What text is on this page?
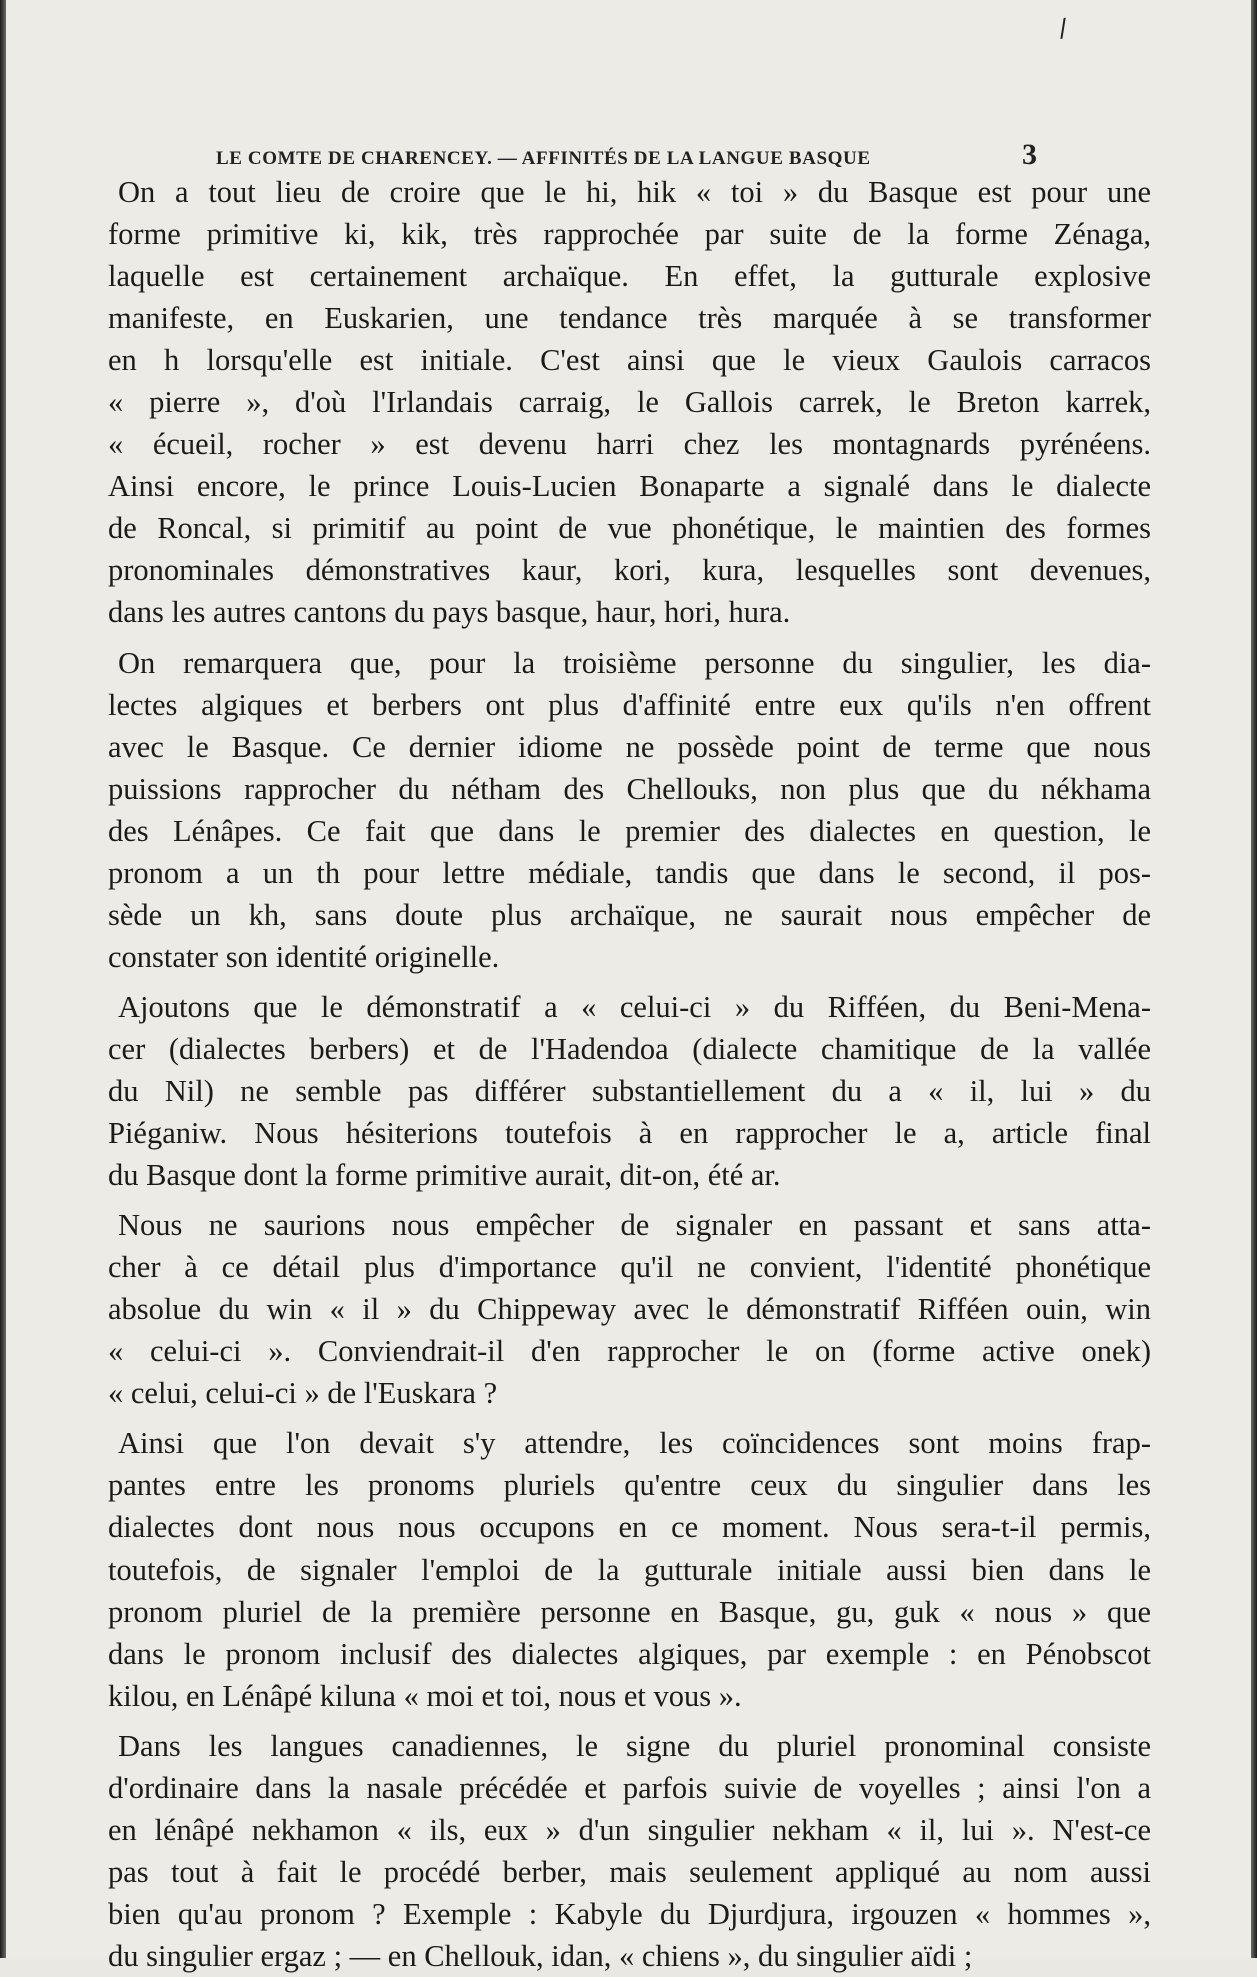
/
LE COMTE DE CHARENCEY. — AFFINITÉS DE LA LANGUE BASQUE	3
On a tout lieu de croire que le hi, hik « toi » du Basque est pour une
forme primitive ki, kik, très rapprochée par suite de la forme Zénaga,
laquelle est certainement archaïque. En effet, la gutturale explosive
manifeste, en Euskarien, une tendance très marquée à se transformer
en h lorsqu'elle est initiale. C'est ainsi que le vieux Gaulois carracos
« pierre », d'où l'Irlandais carraig, le Gallois carrek, le Breton karrek,
« écueil, rocher » est devenu harri chez les montagnards pyrénéens.
Ainsi encore, le prince Louis-Lucien Bonaparte a signalé dans le dialecte
de Roncal, si primitif au point de vue phonétique, le maintien des formes
pronominales démonstratives kaur, kori, kura, lesquelles sont devenues,
dans les autres cantons du pays basque, haur, hori, hura.
On remarquera que, pour la troisième personne du singulier, les dia-
lectes algiques et berbers ont plus d'affinité entre eux qu'ils n'en offrent
avec le Basque. Ce dernier idiome ne possède point de terme que nous
puissions rapprocher du nétham des Chellouks, non plus que du nékhama
des Lénâpes. Ce fait que dans le premier des dialectes en question, le
pronom a un th pour lettre médiale, tandis que dans le second, il pos-
sède un kh, sans doute plus archaïque, ne saurait nous empêcher de
constater son identité originelle.
Ajoutons que le démonstratif a « celui-ci » du Rifféen, du Beni-Mena-
cer (dialectes berbers) et de l'Hadendoa (dialecte chamitique de la vallée
du Nil) ne semble pas différer substantiellement du a « il, lui » du
Piéganiw. Nous hésiterions toutefois à en rapprocher le a, article final
du Basque dont la forme primitive aurait, dit-on, été ar.
Nous ne saurions nous empêcher de signaler en passant et sans atta-
cher à ce détail plus d'importance qu'il ne convient, l'identité phonétique
absolue du win « il » du Chippeway avec le démonstratif Rifféen ouin, win
« celui-ci ». Conviendrait-il d'en rapprocher le on (forme active onek)
« celui, celui-ci » de l'Euskara ?
Ainsi que l'on devait s'y attendre, les coïncidences sont moins frap-
pantes entre les pronoms pluriels qu'entre ceux du singulier dans les
dialectes dont nous nous occupons en ce moment. Nous sera-t-il permis,
toutefois, de signaler l'emploi de la gutturale initiale aussi bien dans le
pronom pluriel de la première personne en Basque, gu, guk « nous » que
dans le pronom inclusif des dialectes algiques, par exemple : en Pénobscot
kilou, en Lénâpé kiluna « moi et toi, nous et vous ».
Dans les langues canadiennes, le signe du pluriel pronominal consiste
d'ordinaire dans la nasale précédée et parfois suivie de voyelles ; ainsi l'on a
en lénâpé nekhamon « ils, eux » d'un singulier nekham « il, lui ». N'est-ce
pas tout à fait le procédé berber, mais seulement appliqué au nom aussi
bien qu'au pronom ? Exemple : Kabyle du Djurdjura, irgouzen « hommes »,
du singulier ergaz ; — en Chellouk, idan, « chiens », du singulier aïdi ;
